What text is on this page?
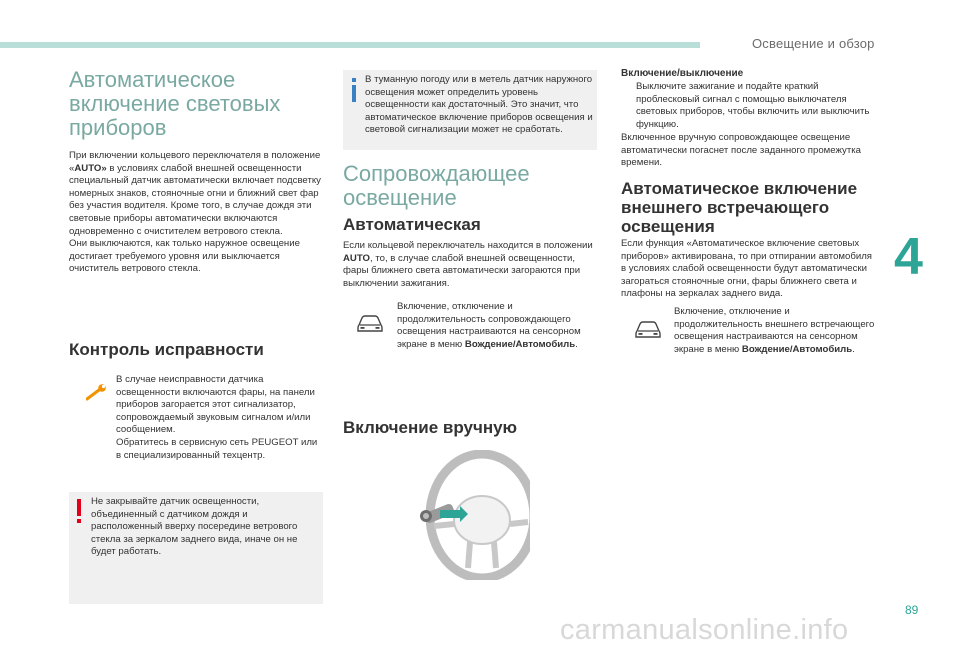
Освещение и обзор
4
Автоматическое включение световых приборов

При включении кольцевого переключателя в положение «AUTO» в условиях слабой внешней освещенности специальный датчик автоматически включает подсветку номерных знаков, стояночные огни и ближний свет фар без участия водителя. Кроме того, в случае дождя эти световые приборы автоматически включаются одновременно с очистителем ветрового стекла.

Они выключаются, как только наружное освещение достигает требуемого уровня или выключается очиститель ветрового стекла.

Контроль исправности

В случае неисправности датчика освещенности включаются фары, на панели приборов загорается этот сигнализатор, сопровождаемый звуковым сигналом и/или сообщением.

Обратитесь в сервисную сеть PEUGEOT или в специализированный техцентр.

Не закрывайте датчик освещенности, объединенный с датчиком дождя и расположенный вверху посередине ветрового стекла за зеркалом заднего вида, иначе он не будет работать.

В туманную погоду или в метель датчик наружного освещения может определить уровень освещенности как достаточный. Это значит, что автоматическое включение приборов освещения и световой сигнализации может не сработать.

Сопровождающее освещение
Автоматическая

Если кольцевой переключатель находится в положении AUTO, то, в случае слабой внешней освещенности, фары ближнего света автоматически загораются при выключении зажигания.

Включение, отключение и продолжительность сопровождающего освещения настраиваются на сенсорном экране в меню Вождение/Автомобиль.

Включение вручную
Включение/выключение

Выключите зажигание и подайте краткий проблесковый сигнал с помощью выключателя световых приборов, чтобы включить или выключить функцию.

Включенное вручную сопровождающее освещение автоматически погаснет после заданного промежутка времени.

Автоматическое включение внешнего встречающего освещения

Если функция «Автоматическое включение световых приборов» активирована, то при отпирании автомобиля в условиях слабой освещенности будут автоматически загораться стояночные огни, фары ближнего света и плафоны на зеркалах заднего вида.

Включение, отключение и продолжительность внешнего встречающего освещения настраиваются на сенсорном экране в меню Вождение/Автомобиль.

89
carmanualsonline.info
